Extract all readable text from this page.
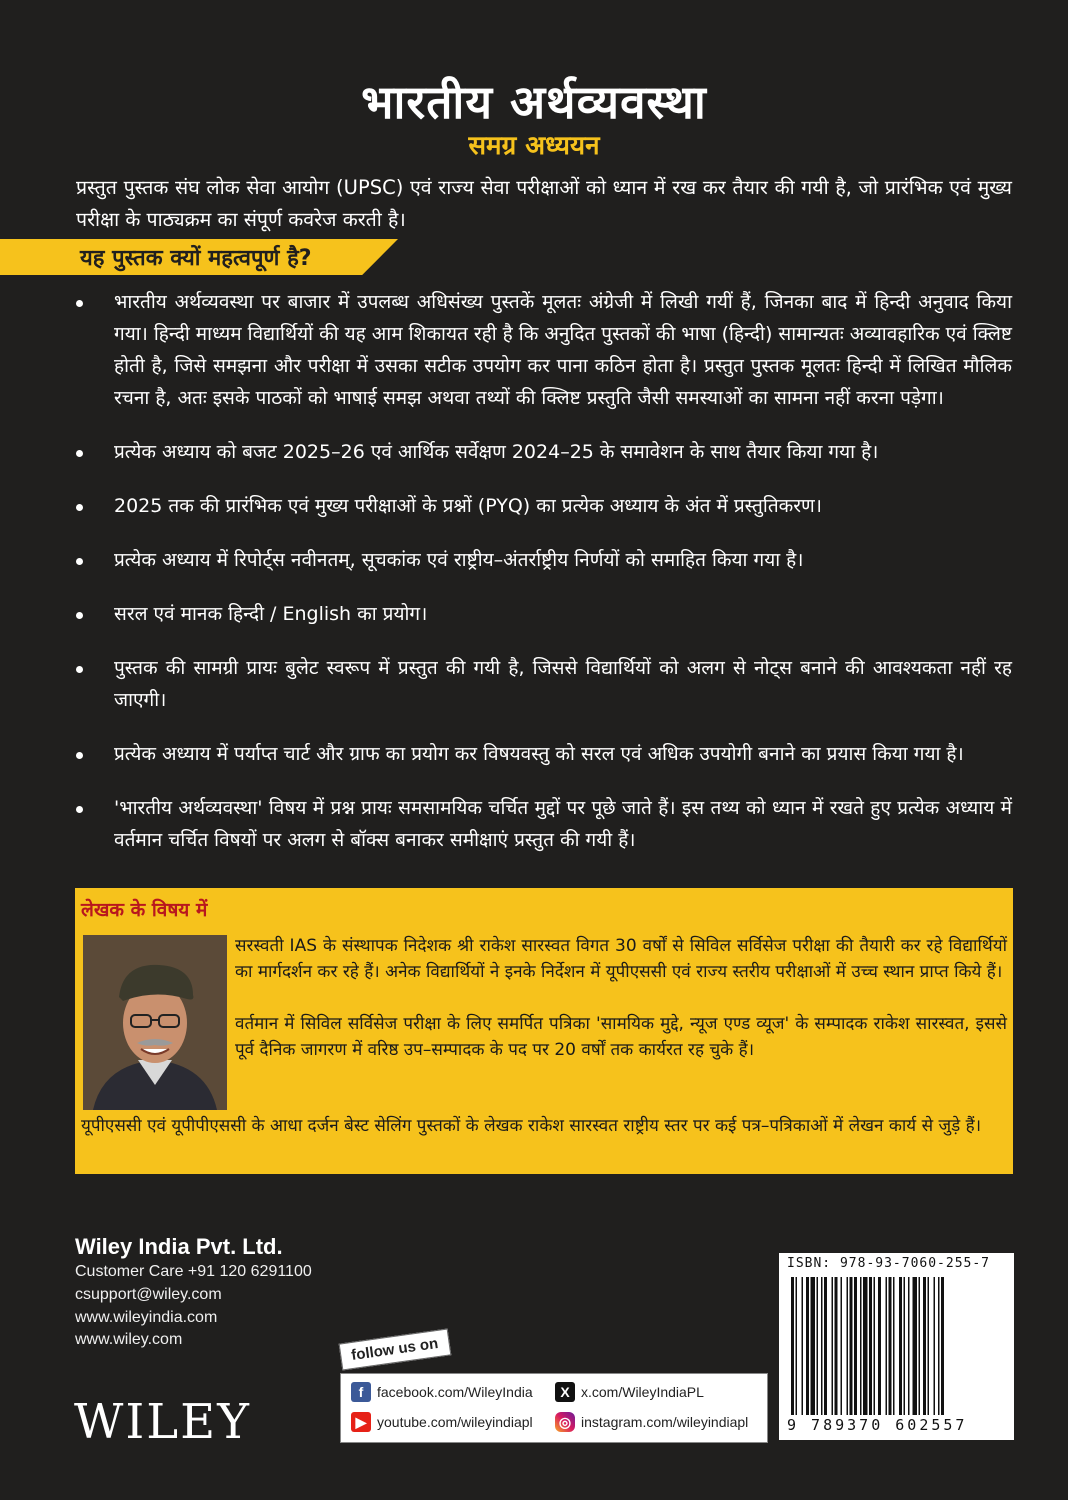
भारतीय अर्थव्यवस्था
समग्र अध्ययन
प्रस्तुत पुस्तक संघ लोक सेवा आयोग (UPSC) एवं राज्य सेवा परीक्षाओं को ध्यान में रख कर तैयार की गयी है, जो प्रारंभिक एवं मुख्य परीक्षा के पाठ्यक्रम का संपूर्ण कवरेज करती है।
यह पुस्तक क्यों महत्वपूर्ण है?
भारतीय अर्थव्यवस्था पर बाजार में उपलब्ध अधिसंख्य पुस्तकें मूलतः अंग्रेजी में लिखी गयीं हैं, जिनका बाद में हिन्दी अनुवाद किया गया। हिन्दी माध्यम विद्यार्थियों की यह आम शिकायत रही है कि अनुदित पुस्तकों की भाषा (हिन्दी) सामान्यतः अव्यावहारिक एवं क्लिष्ट होती है, जिसे समझना और परीक्षा में उसका सटीक उपयोग कर पाना कठिन होता है। प्रस्तुत पुस्तक मूलतः हिन्दी में लिखित मौलिक रचना है, अतः इसके पाठकों को भाषाई समझ अथवा तथ्यों की क्लिष्ट प्रस्तुति जैसी समस्याओं का सामना नहीं करना पड़ेगा।
प्रत्येक अध्याय को बजट 2025–26 एवं आर्थिक सर्वेक्षण 2024–25 के समावेशन के साथ तैयार किया गया है।
2025 तक की प्रारंभिक एवं मुख्य परीक्षाओं के प्रश्नों (PYQ) का प्रत्येक अध्याय के अंत में प्रस्तुतिकरण।
प्रत्येक अध्याय में रिपोर्ट्स नवीनतम्, सूचकांक एवं राष्ट्रीय–अंतर्राष्ट्रीय निर्णयों को समाहित किया गया है।
सरल एवं मानक हिन्दी / English का प्रयोग।
पुस्तक की सामग्री प्रायः बुलेट स्वरूप में प्रस्तुत की गयी है, जिससे विद्यार्थियों को अलग से नोट्स बनाने की आवश्यकता नहीं रह जाएगी।
प्रत्येक अध्याय में पर्याप्त चार्ट और ग्राफ का प्रयोग कर विषयवस्तु को सरल एवं अधिक उपयोगी बनाने का प्रयास किया गया है।
'भारतीय अर्थव्यवस्था' विषय में प्रश्न प्रायः समसामयिक चर्चित मुद्दों पर पूछे जाते हैं। इस तथ्य को ध्यान में रखते हुए प्रत्येक अध्याय में वर्तमान चर्चित विषयों पर अलग से बॉक्स बनाकर समीक्षाएं प्रस्तुत की गयी हैं।
लेखक के विषय में
सरस्वती IAS के संस्थापक निदेशक श्री राकेश सारस्वत विगत 30 वर्षों से सिविल सर्विसेज परीक्षा की तैयारी कर रहे विद्यार्थियों का मार्गदर्शन कर रहे हैं। अनेक विद्यार्थियों ने इनके निर्देशन में यूपीएससी एवं राज्य स्तरीय परीक्षाओं में उच्च स्थान प्राप्त किये हैं।
वर्तमान में सिविल सर्विसेज परीक्षा के लिए समर्पित पत्रिका 'सामयिक मुद्दे, न्यूज एण्ड व्यूज' के सम्पादक राकेश सारस्वत, इससे पूर्व दैनिक जागरण में वरिष्ठ उप–सम्पादक के पद पर 20 वर्षों तक कार्यरत रह चुके हैं।
यूपीएससी एवं यूपीपीएससी के आधा दर्जन बेस्ट सेलिंग पुस्तकों के लेखक राकेश सारस्वत राष्ट्रीय स्तर पर कई पत्र–पत्रिकाओं में लेखन कार्य से जुड़े हैं।
Wiley India Pvt. Ltd.
Customer Care +91 120 6291100
csupport@wiley.com
www.wileyindia.com
www.wiley.com
WILEY
follow us on
f facebook.com/WileyIndia	X x.com/WileyIndiaPL
▶ youtube.com/wileyindiapl ◎ instagram.com/wileyindiapl
ISBN: 978-93-7060-255-7
9 789370 602557
